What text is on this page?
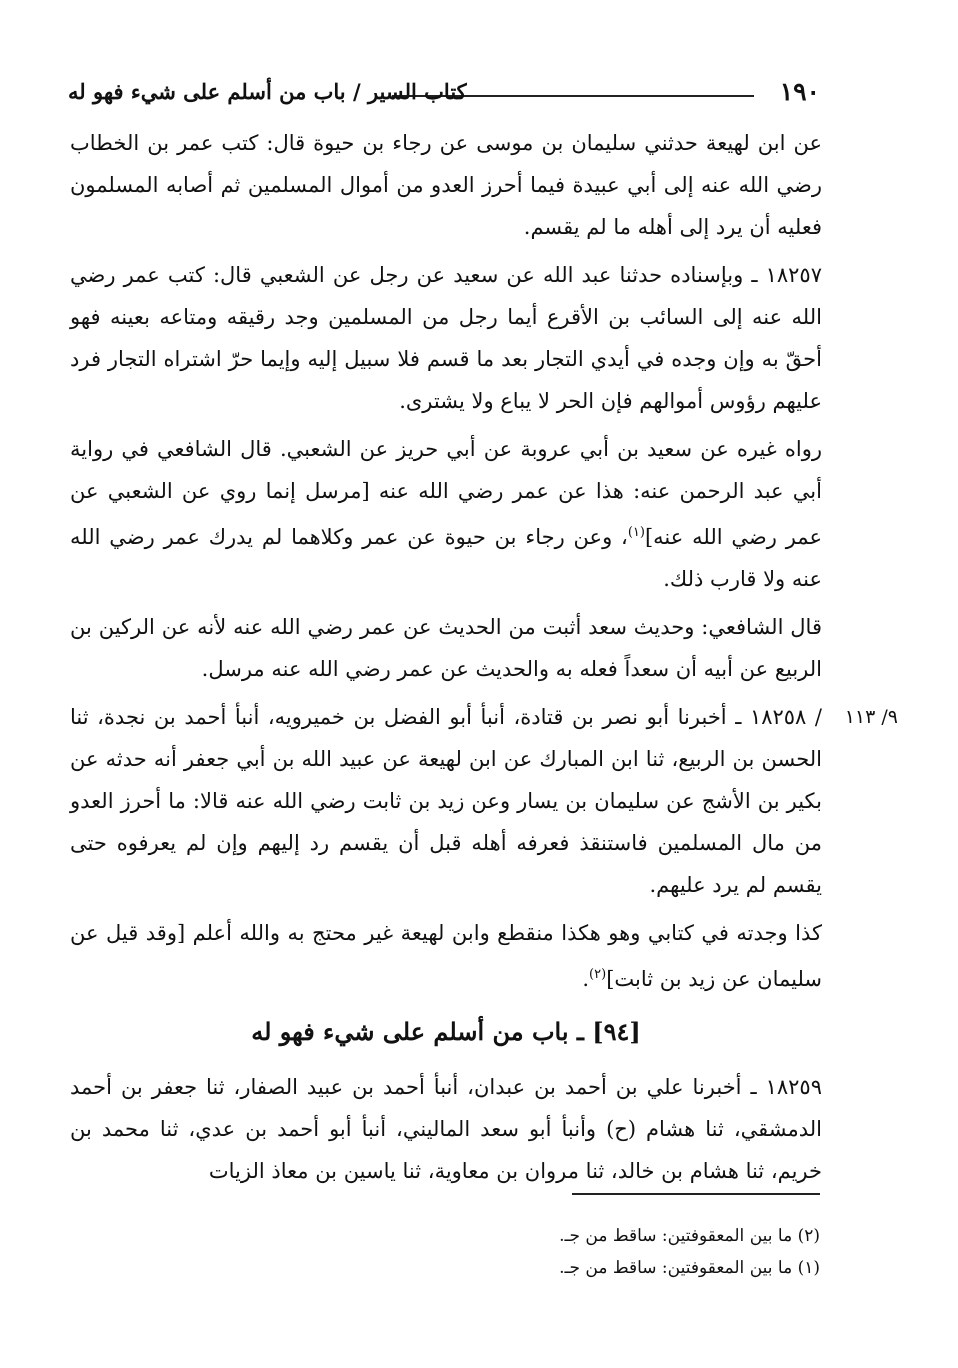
١٩٠
كتاب السير / باب من أسلم على شيء فهو له

عن ابن لهيعة حدثني سليمان بن موسى عن رجاء بن حيوة قال: كتب عمر بن الخطاب رضي الله عنه إلى أبي عبيدة فيما أحرز العدو من أموال المسلمين ثم أصابه المسلمون فعليه أن يرد إلى أهله ما لم يقسم.

١٨٢٥٧ ـ وبإسناده حدثنا عبد الله عن سعيد عن رجل عن الشعبي قال: كتب عمر رضي الله عنه إلى السائب بن الأقرع أيما رجل من المسلمين وجد رقيقه ومتاعه بعينه فهو أحقّ به وإن وجده في أيدي التجار بعد ما قسم فلا سبيل إليه وإيما حرّ اشتراه التجار فرد عليهم رؤوس أموالهم فإن الحر لا يباع ولا يشترى.

رواه غيره عن سعيد بن أبي عروبة عن أبي حريز عن الشعبي. قال الشافعي في رواية أبي عبد الرحمن عنه: هذا عن عمر رضي الله عنه [مرسل إنما روي عن الشعبي عن عمر رضي الله عنه]$^{(١)}$، وعن رجاء بن حيوة عن عمر وكلاهما لم يدرك عمر رضي الله عنه ولا قارب ذلك.

قال الشافعي: وحديث سعد أثبت من الحديث عن عمر رضي الله عنه لأنه عن الركين بن الربيع عن أبيه أن سعداً فعله به والحديث عن عمر رضي الله عنه مرسل.

٩/ ١١٣
/ ١٨٢٥٨ ـ أخبرنا أبو نصر بن قتادة، أنبأ أبو الفضل بن خميرويه، أنبأ أحمد بن نجدة، ثنا الحسن بن الربيع، ثنا ابن المبارك عن ابن لهيعة عن عبيد الله بن أبي جعفر أنه حدثه عن بكير بن الأشج عن سليمان بن يسار وعن زيد بن ثابت رضي الله عنه قالا: ما أحرز العدو من مال المسلمين فاستنقذ فعرفه أهله قبل أن يقسم رد إليهم وإن لم يعرفوه حتى يقسم لم يرد عليهم.

كذا وجدته في كتابي وهو هكذا منقطع وابن لهيعة غير محتج به والله أعلم [وقد قيل عن سليمان عن زيد بن ثابت]$^{(٢)}$.

[٩٤] ـ باب من أسلم على شيء فهو له

١٨٢٥٩ ـ أخبرنا علي بن أحمد بن عبدان، أنبأ أحمد بن عبيد الصفار، ثنا جعفر بن أحمد الدمشقي، ثنا هشام (ح) وأنبأ أبو سعد الماليني، أنبأ أبو أحمد بن عدي، ثنا محمد بن خريم، ثنا هشام بن خالد، ثنا مروان بن معاوية، ثنا ياسين بن معاذ الزيات

(٢) ما بين المعقوفتين: ساقط من جـ.

(١) ما بين المعقوفتين: ساقط من جـ.
